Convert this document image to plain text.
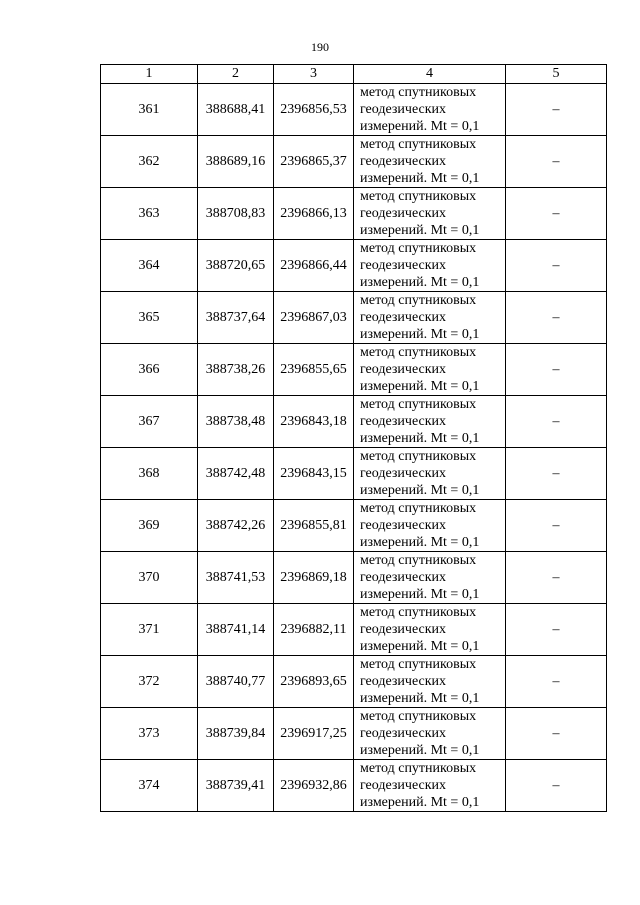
190
1	2	3	4	5
361	388688,41	2396856,53	метод спутниковых
геодезических
измерений. Mt = 0,1	–
362	388689,16	2396865,37	метод спутниковых
геодезических
измерений. Mt = 0,1	–
363	388708,83	2396866,13	метод спутниковых
геодезических
измерений. Mt = 0,1	–
364	388720,65	2396866,44	метод спутниковых
геодезических
измерений. Mt = 0,1	–
365	388737,64	2396867,03	метод спутниковых
геодезических
измерений. Mt = 0,1	–
366	388738,26	2396855,65	метод спутниковых
геодезических
измерений. Mt = 0,1	–
367	388738,48	2396843,18	метод спутниковых
геодезических
измерений. Mt = 0,1	–
368	388742,48	2396843,15	метод спутниковых
геодезических
измерений. Mt = 0,1	–
369	388742,26	2396855,81	метод спутниковых
геодезических
измерений. Mt = 0,1	–
370	388741,53	2396869,18	метод спутниковых
геодезических
измерений. Mt = 0,1	–
371	388741,14	2396882,11	метод спутниковых
геодезических
измерений. Mt = 0,1	–
372	388740,77	2396893,65	метод спутниковых
геодезических
измерений. Mt = 0,1	–
373	388739,84	2396917,25	метод спутниковых
геодезических
измерений. Mt = 0,1	–
374	388739,41	2396932,86	метод спутниковых
геодезических
измерений. Mt = 0,1	–
